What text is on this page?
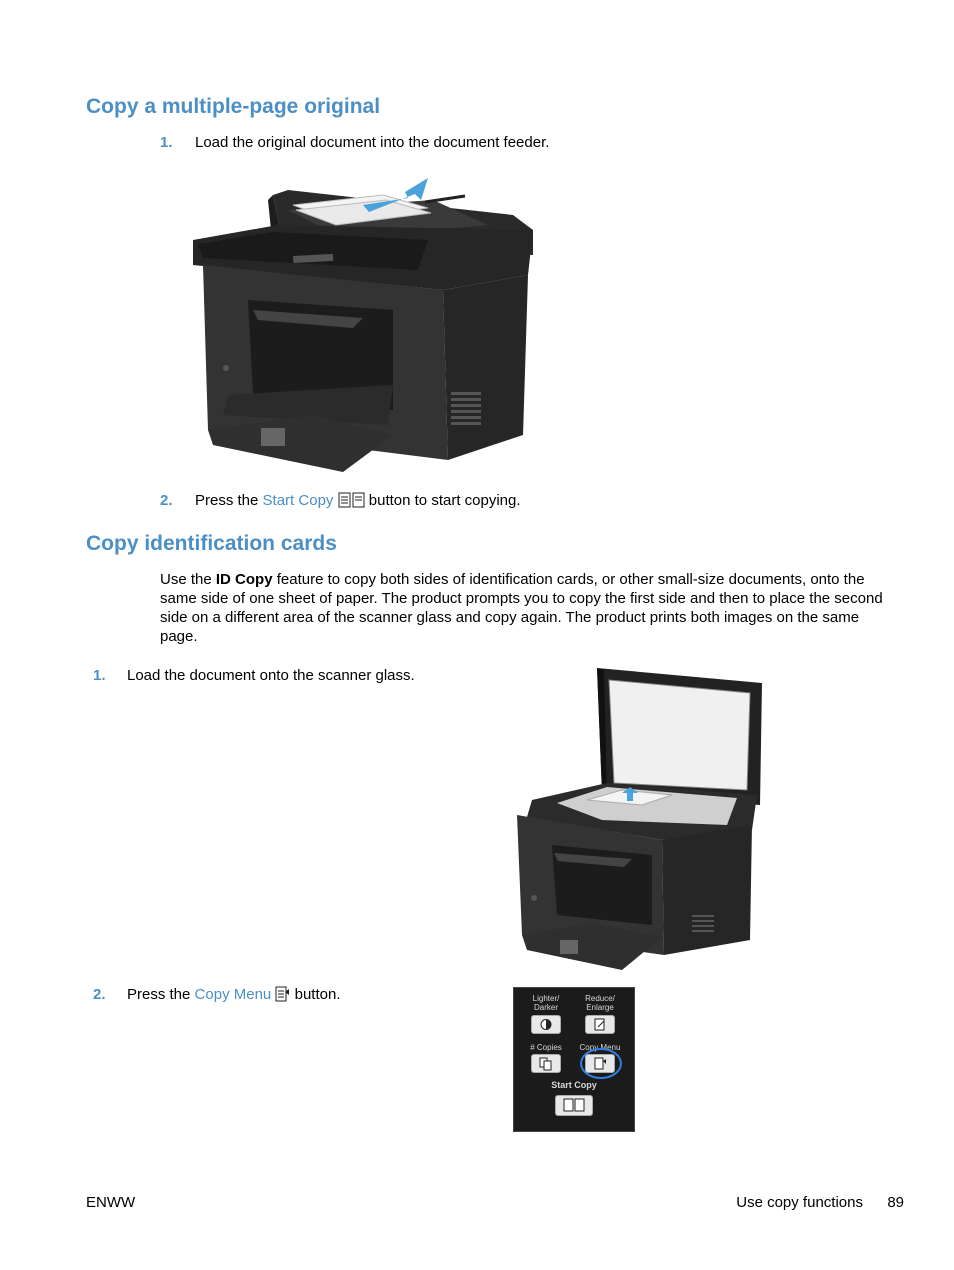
Copy a multiple-page original
1. Load the original document into the document feeder.
2. Press the Start Copy button to start copying.
Copy identification cards
Use the ID Copy feature to copy both sides of identification cards, or other small-size documents, onto the same side of one sheet of paper. The product prompts you to copy the first side and then to place the second side on a different area of the scanner glass and copy again. The product prints both images on the same page.
1. Load the document onto the scanner glass.
2. Press the Copy Menu button.	Lighter/
Darker
Reduce/
Enlarge
# Copies	Copy Menu
Start Copy
ENWW	Use copy functions 89
